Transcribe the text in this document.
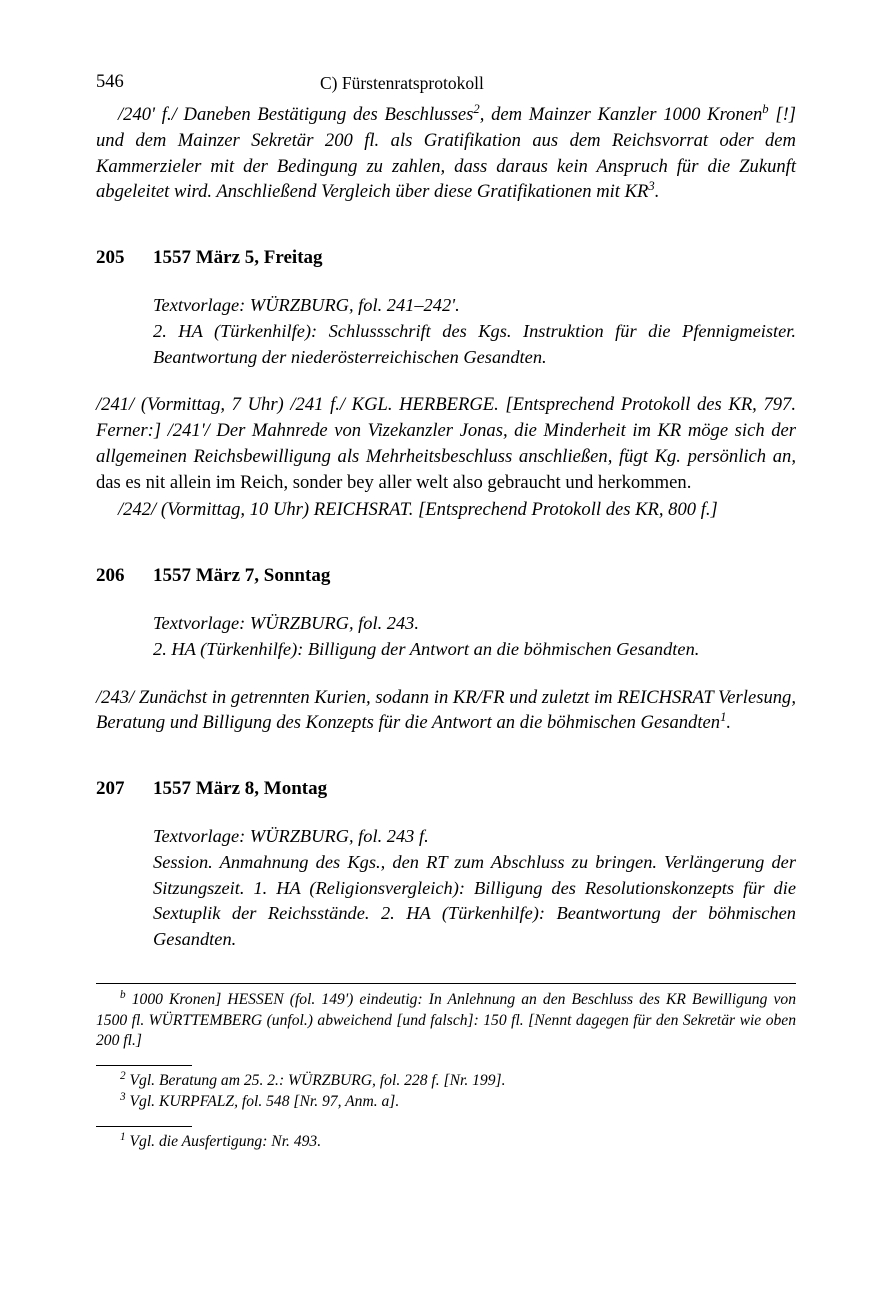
546	C) Fürstenratsprotokoll

/240' f./ Daneben Bestätigung des Beschlusses$^2$, dem Mainzer Kanzler 1000 Kronen$^b$ [!] und dem Mainzer Sekretär 200 fl. als Gratifikation aus dem Reichsvorrat oder dem Kammerzieler mit der Bedingung zu zahlen, dass daraus kein Anspruch für die Zukunft abgeleitet wird. Anschließend Vergleich über diese Gratifikationen mit $KR^3$.

205 1557 März 5, Freitag
Textvorlage: WÜRZBURG, fol. 241–242'.
2. HA (Türkenhilfe): Schlussschrift des Kgs. Instruktion für die Pfennigmeister. Beantwortung der niederösterreichischen Gesandten.

/241/ (Vormittag, 7 Uhr) /241 f./ KGL. HERBERGE. [Entsprechend Protokoll des KR, 797. Ferner:] /241'/ Der Mahnrede von Vizekanzler Jonas, die Minderheit im KR möge sich der allgemeinen Reichsbewilligung als Mehrheitsbeschluss anschließen, fügt Kg. persönlich an, das es nit allein im Reich, sonder bey aller welt also gebraucht und herkommen.

/242/ (Vormittag, 10 Uhr) REICHSRAT. [Entsprechend Protokoll des KR, 800 f.]

206 1557 März 7, Sonntag
Textvorlage: WÜRZBURG, fol. 243.
2. HA (Türkenhilfe): Billigung der Antwort an die böhmischen Gesandten.

/243/ Zunächst in getrennten Kurien, sodann in KR/FR und zuletzt im REICHSRAT Verlesung, Beratung und Billigung des Konzepts für die Antwort an die böhmischen Gesandten$^1$.

207 1557 März 8, Montag
Textvorlage: WÜRZBURG, fol. 243 f.
Session. Anmahnung des Kgs., den RT zum Abschluss zu bringen. Verlängerung der Sitzungszeit. 1. HA (Religionsvergleich): Billigung des Resolutionskonzepts für die Sextuplik der Reichsstände. 2. HA (Türkenhilfe): Beantwortung der böhmischen Gesandten.

$^b$ 1000 Kronen] HESSEN (fol. 149') eindeutig: In Anlehnung an den Beschluss des KR Bewilligung von 1500 fl. WÜRTTEMBERG (unfol.) abweichend [und falsch]: 150 fl. [Nennt dagegen für den Sekretär wie oben 200 fl.]

$^2$ Vgl. Beratung am 25. 2.: WÜRZBURG, fol. 228 f. [Nr. 199].

$^3$ Vgl. KURPFALZ, fol. 548 [Nr. 97, Anm. a].

$^1$ Vgl. die Ausfertigung: Nr. 493.
